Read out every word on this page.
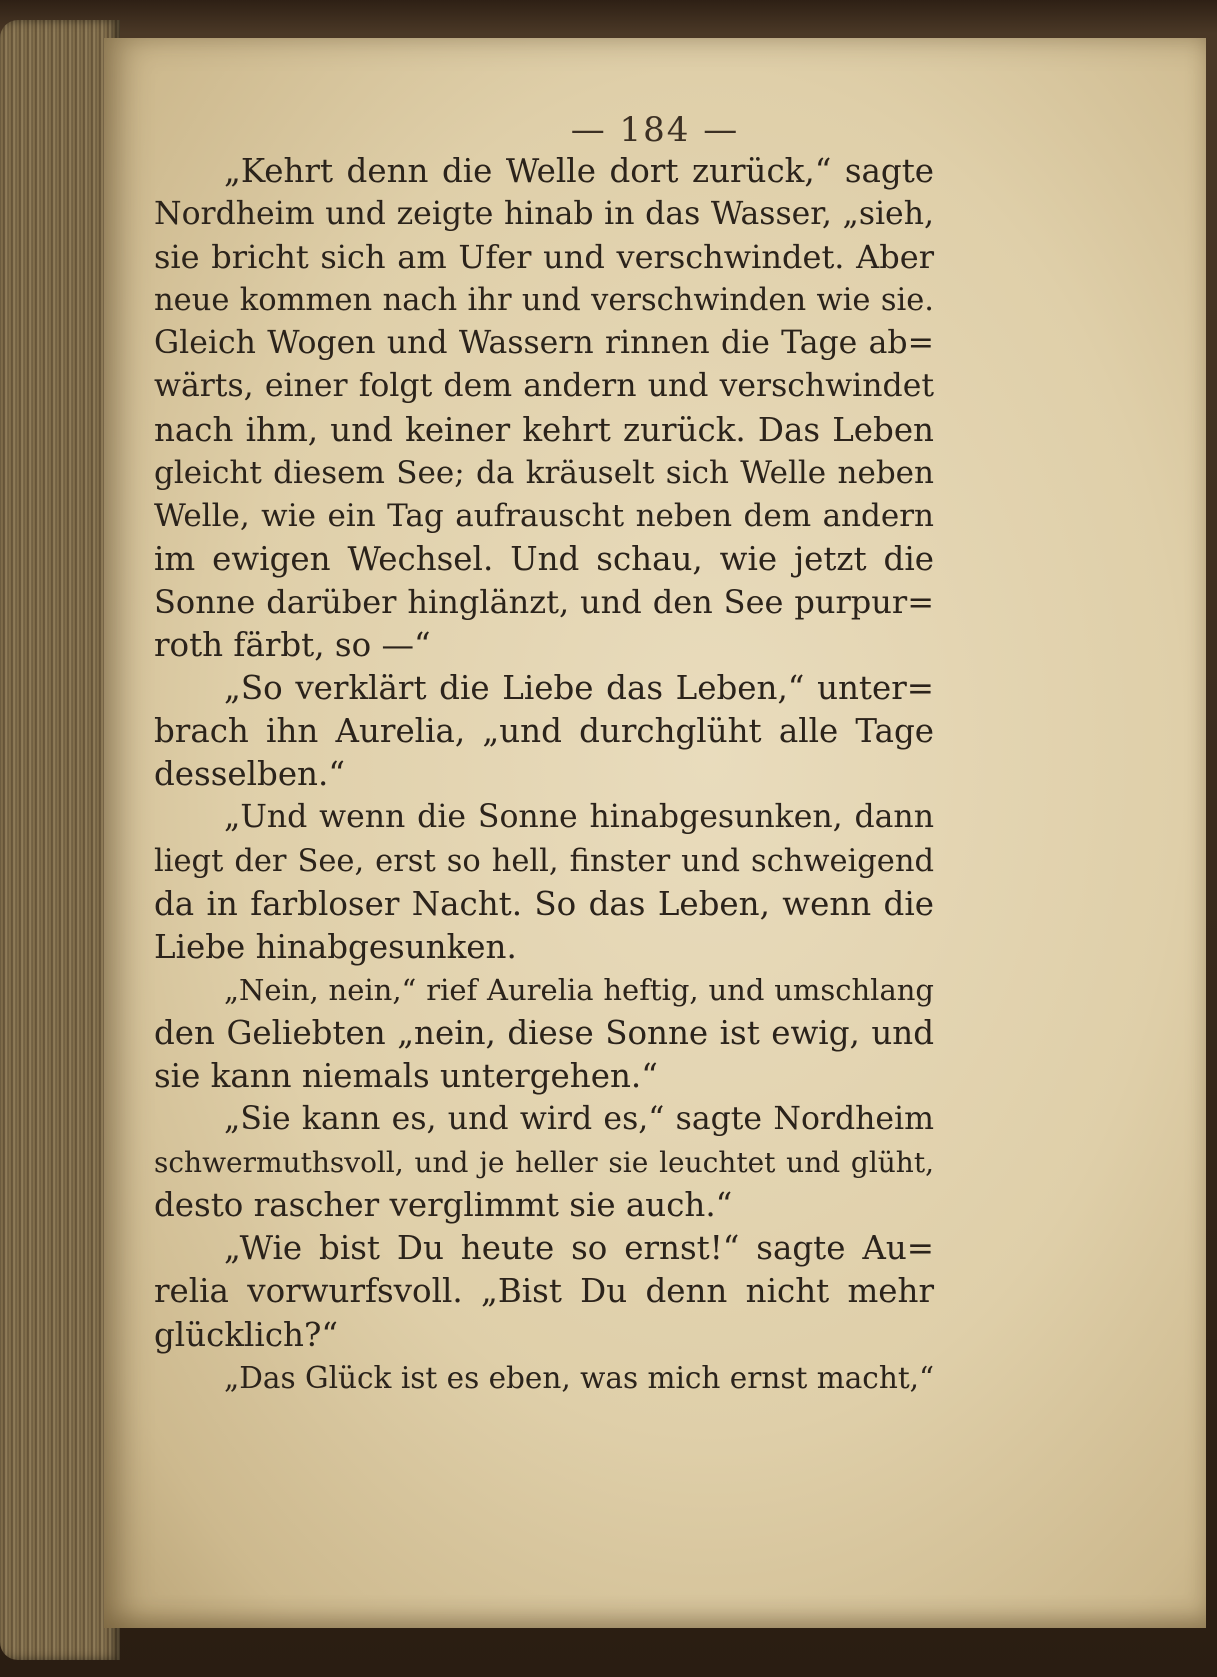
— 184 —
„Kehrt denn die Welle dort zurück,“ sagte
Nordheim und zeigte hinab in das Wasser, „sieh,
sie bricht sich am Ufer und verschwindet. Aber
neue kommen nach ihr und verschwinden wie sie.
Gleich Wogen und Wassern rinnen die Tage ab=
wärts, einer folgt dem andern und verschwindet
nach ihm, und keiner kehrt zurück. Das Leben
gleicht diesem See; da kräuselt sich Welle neben
Welle, wie ein Tag aufrauscht neben dem andern
im ewigen Wechsel. Und schau, wie jetzt die
Sonne darüber hinglänzt, und den See purpur=
roth färbt, so —“
„So verklärt die Liebe das Leben,“ unter=
brach ihn Aurelia, „und durchglüht alle Tage
desselben.“
„Und wenn die Sonne hinabgesunken, dann
liegt der See, erst so hell, finster und schweigend
da in farbloser Nacht. So das Leben, wenn die
Liebe hinabgesunken.
„Nein, nein,“ rief Aurelia heftig, und umschlang
den Geliebten „nein, diese Sonne ist ewig, und
sie kann niemals untergehen.“
„Sie kann es, und wird es,“ sagte Nordheim
schwermuthsvoll, und je heller sie leuchtet und glüht,
desto rascher verglimmt sie auch.“
„Wie bist Du heute so ernst!“ sagte Au=
relia vorwurfsvoll. „Bist Du denn nicht mehr
glücklich?“
„Das Glück ist es eben, was mich ernst macht,“
